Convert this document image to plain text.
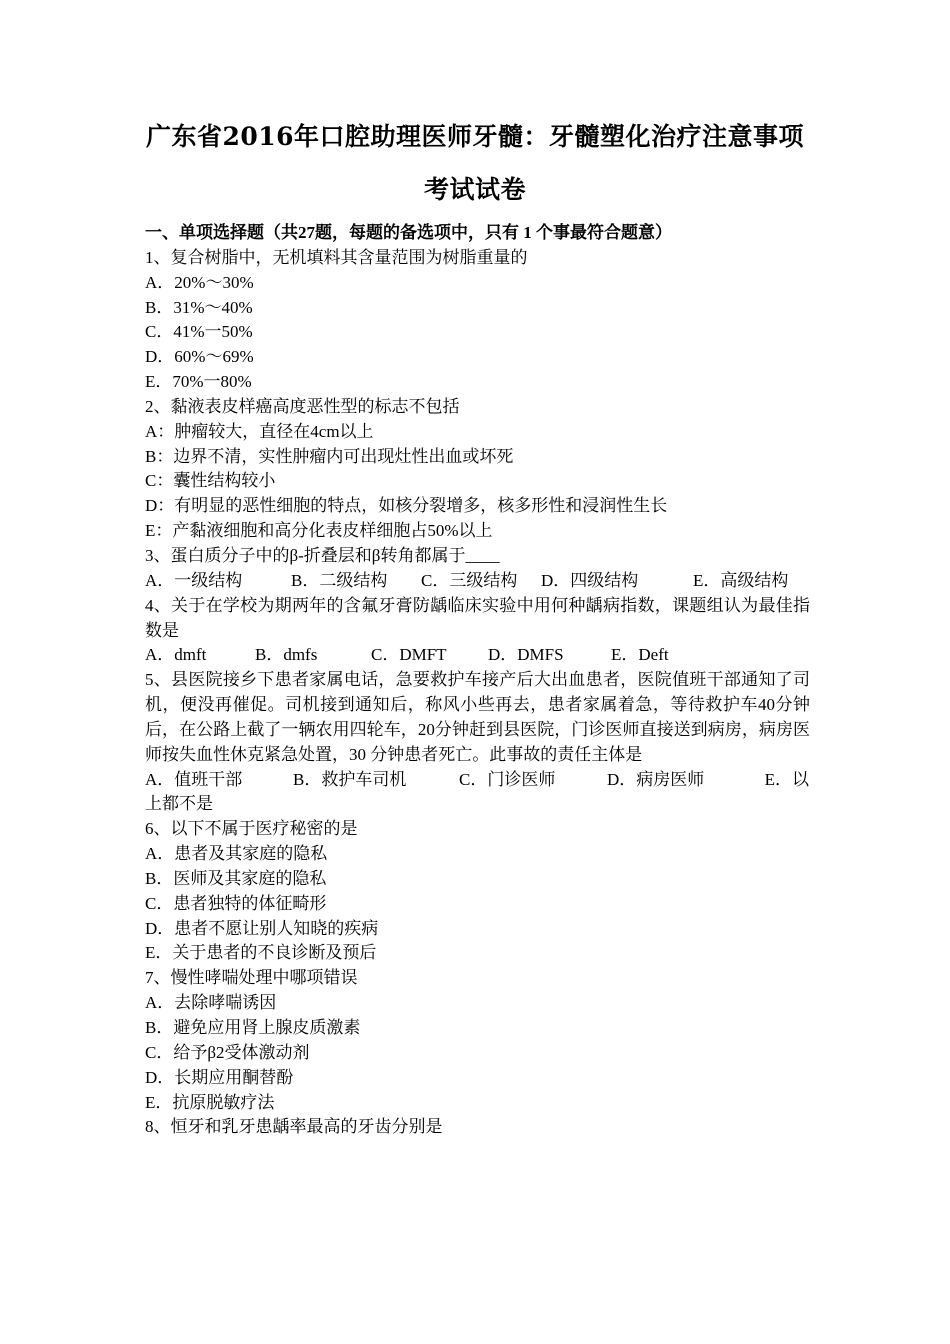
广东省2016年口腔助理医师牙髓：牙髓塑化治疗注意事项
考试试卷
一、单项选择题（共27题，每题的备选项中，只有 1 个事最符合题意）
1、复合树脂中，无机填料其含量范围为树脂重量的
A．20%～30%
B．31%～40%
C．41%一50%
D．60%～69%
E．70%一80%
2、黏液表皮样癌高度恶性型的标志不包括
A：肿瘤较大，直径在4cm以上
B：边界不清，实性肿瘤内可出现灶性出血或坏死
C：囊性结构较小
D：有明显的恶性细胞的特点，如核分裂增多，核多形性和浸润性生长
E：产黏液细胞和高分化表皮样细胞占50%以上
3、蛋白质分子中的β-折叠层和β转角都属于____
A．一级结构	B．二级结构	C．三级结构	D．四级结构	E．高级结构
4、关于在学校为期两年的含氟牙膏防龋临床实验中用何种龋病指数，课题组认为最佳指数是
A．dmft	B．dmfs	C．DMFT	D．DMFS	E．Deft
5、县医院接乡下患者家属电话，急要救护车接产后大出血患者，医院值班干部通知了司机，便没再催促。司机接到通知后，称风小些再去，患者家属着急，等待救护车40分钟后，在公路上截了一辆农用四轮车，20分钟赶到县医院，门诊医师直接送到病房，病房医师按失血性休克紧急处置，30 分钟患者死亡。此事故的责任主体是
A．值班干部	B．救护车司机	C．门诊医师	D．病房医师	E．以
上都不是
6、以下不属于医疗秘密的是
A．患者及其家庭的隐私
B．医师及其家庭的隐私
C．患者独特的体征畸形
D．患者不愿让别人知晓的疾病
E．关于患者的不良诊断及预后
7、慢性哮喘处理中哪项错误
A．去除哮喘诱因
B．避免应用肾上腺皮质激素
C．给予β2受体激动剂
D．长期应用酮替酚
E．抗原脱敏疗法
8、恒牙和乳牙患龋率最高的牙齿分别是
